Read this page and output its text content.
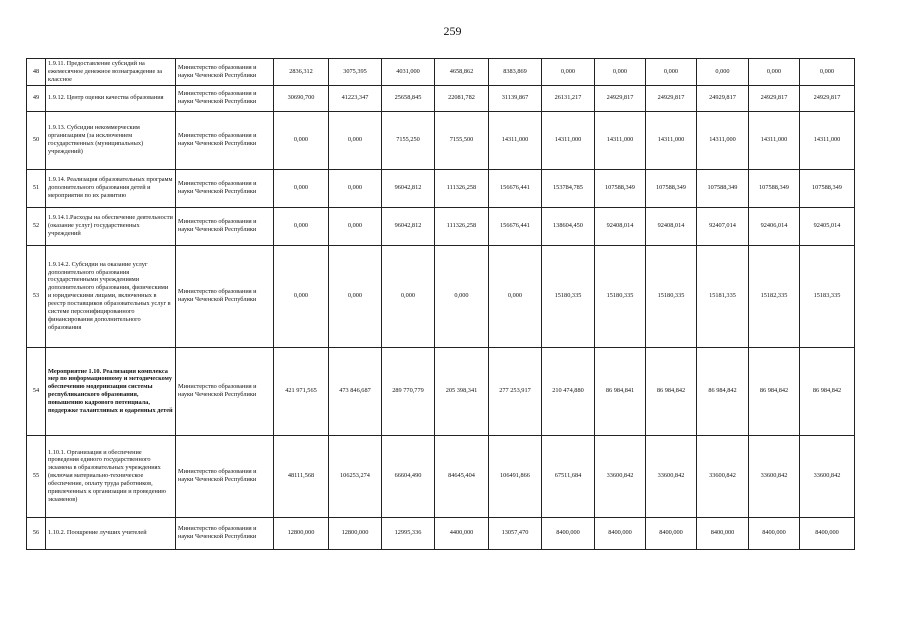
259
48	1.9.11. Предоставление субсидий на ежемесячное денежное вознаграждение за классное	Министерство образования и науки Чеченской Республики	2836,312	3075,395	4031,000	4658,862	8383,869	0,000	0,000	0,000	0,000	0,000	0,000
49	1.9.12. Центр оценки качества образования	Министерство образования и науки Чеченской Республики	30690,700	41223,347	25658,845	22081,782	31139,867	26131,217	24929,817	24929,817	24929,817	24929,817	24929,817
50	1.9.13. Субсидии некоммерческим организациям (за исключением государственных (муниципальных) учреждений)	Министерство образования и науки Чеченской Республики	0,000	0,000	7155,250	7155,500	14311,000	14311,000	14311,000	14311,000	14311,000	14311,000	14311,000
51	1.9.14. Реализация образовательных программ дополнительного образования детей и мероприятия по их развитию	Министерство образования и науки Чеченской Республики	0,000	0,000	96042,812	111326,258	156676,441	153784,785	107588,349	107588,349	107588,349	107588,349	107588,349
52	1.9.14.1.Расходы на обеспечение деятельности (оказание услуг) государственных учреждений	Министерство образования и науки Чеченской Республики	0,000	0,000	96042,812	111326,258	156676,441	138604,450	92408,014	92408,014	92407,014	92406,014	92405,014
53	1.9.14.2. Субсидии на оказание услуг дополнительного образования государственными учреждениями дополнительного образования, физическими и юридическими лицами, включенных в реестр поставщиков образовательных услуг в системе персонифицированного финансирования дополнительного образования	Министерство образования и науки Чеченской Республики	0,000	0,000	0,000	0,000	0,000	15180,335	15180,335	15180,335	15181,335	15182,335	15183,335
54	Мероприятие 1.10. Реализация комплекса мер по информационному и методическому обеспечению модернизации системы республиканского образования, повышению кадрового потенциала, поддержке талантливых и одаренных детей	Министерство образования и науки Чеченской Республики	421 971,565	473 846,687	289 770,779	205 398,341	277 253,917	210 474,880	86 984,841	86 984,842	86 984,842	86 984,842	86 984,842
55	1.10.1. Организация и обеспечение проведения единого государственного экзамена в образовательных учреждениях (включая материально-техническое обеспечение, оплату труда работников, привлеченных к организации и проведению экзаменов)	Министерство образования и науки Чеченской Республики	48111,568	106253,274	66604,490	84645,404	106491,866	67511,684	33600,842	33600,842	33600,842	33600,842	33600,842
56	1.10.2. Поощрение лучших учителей	Министерство образования и науки Чеченской Республики	12800,000	12800,000	12995,336	4400,000	13057,470	8400,000	8400,000	8400,000	8400,000	8400,000	8400,000
